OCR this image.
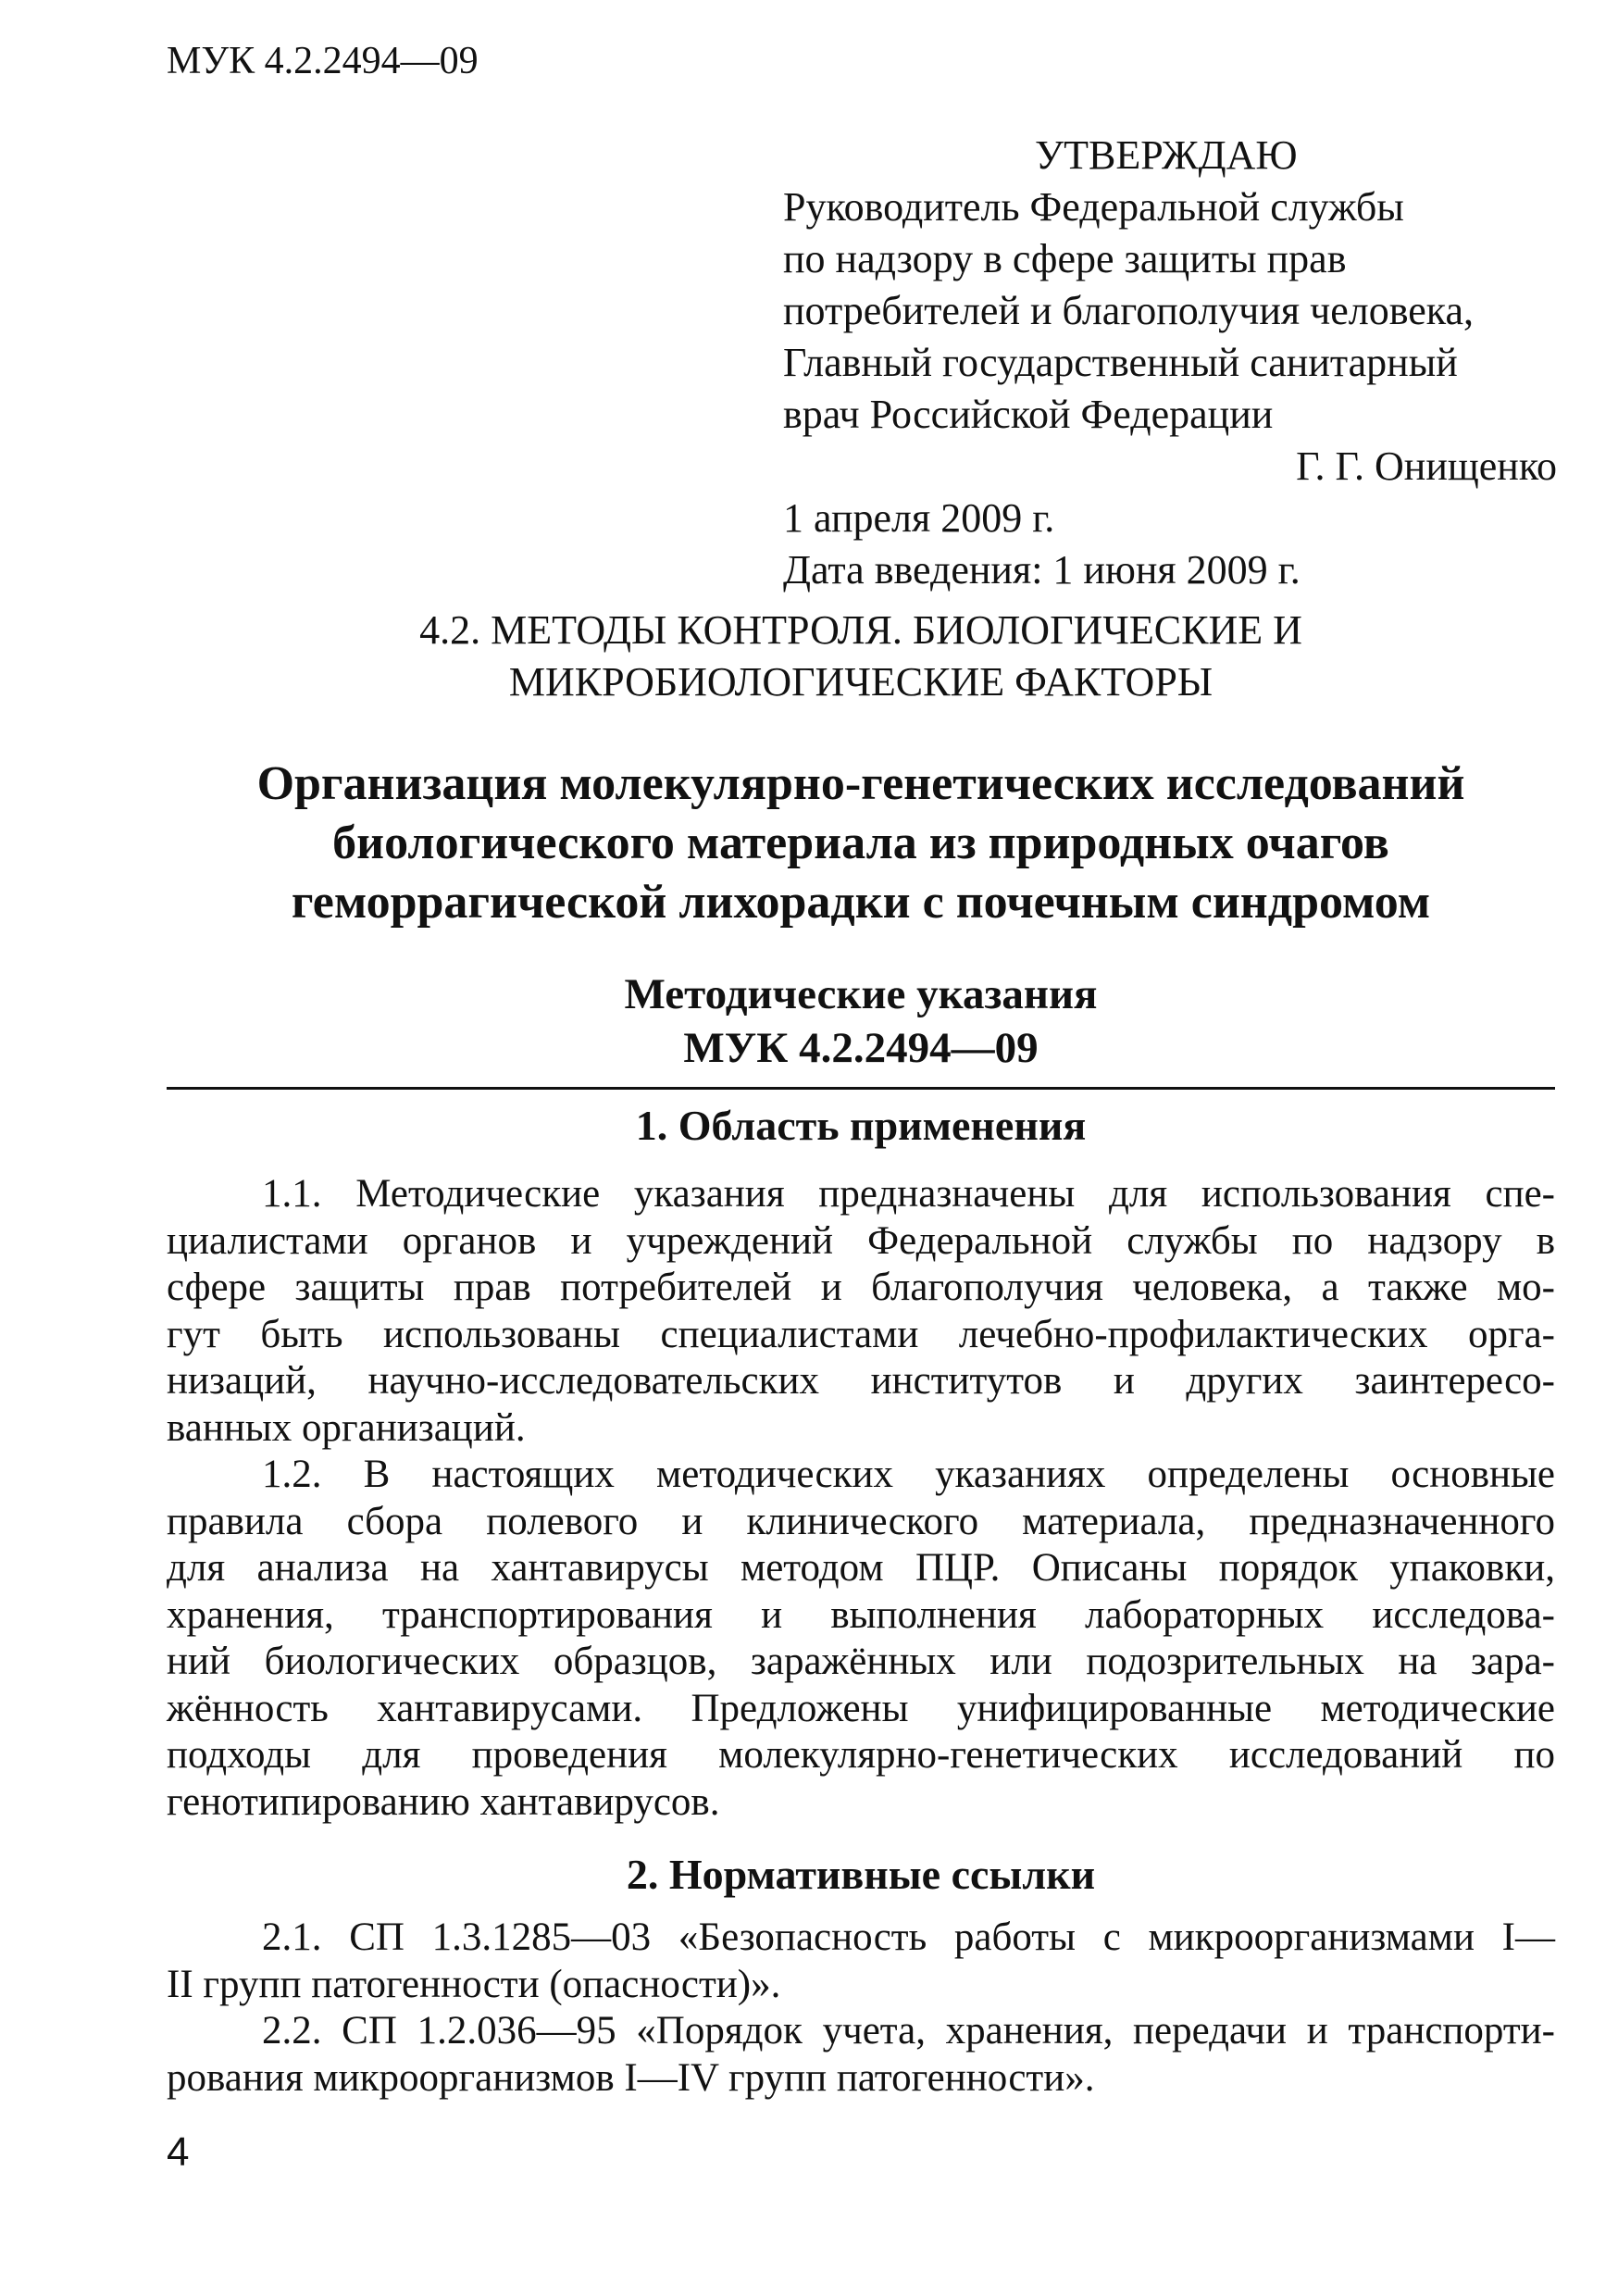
МУК 4.2.2494—09
УТВЕРЖДАЮ
Руководитель Федеральной службы
по надзору в сфере защиты прав
потребителей и благополучия человека,
Главный государственный санитарный
врач Российской Федерации
Г. Г. Онищенко
1 апреля 2009 г.
Дата введения: 1 июня 2009 г.
4.2. МЕТОДЫ КОНТРОЛЯ. БИОЛОГИЧЕСКИЕ И
МИКРОБИОЛОГИЧЕСКИЕ ФАКТОРЫ
Организация молекулярно-генетических исследований
биологического материала из природных очагов
геморрагической лихорадки с почечным синдромом
Методические указания
МУК 4.2.2494—09
1. Область применения
1.1. Методические указания предназначены для использования спе-
циалистами органов и учреждений Федеральной службы по надзору в
сфере защиты прав потребителей и благополучия человека, а также мо-
гут быть использованы специалистами лечебно-профилактических орга-
низаций, научно-исследовательских институтов и других заинтересо-
ванных организаций.
1.2. В настоящих методических указаниях определены основные
правила сбора полевого и клинического материала, предназначенного
для анализа на хантавирусы методом ПЦР. Описаны порядок упаковки,
хранения, транспортирования и выполнения лабораторных исследова-
ний биологических образцов, заражённых или подозрительных на зара-
жённость хантавирусами. Предложены унифицированные методические
подходы для проведения молекулярно-генетических исследований по
генотипированию хантавирусов.
2. Нормативные ссылки
2.1. СП 1.3.1285—03 «Безопасность работы с микроорганизмами I—
II групп патогенности (опасности)».
2.2. СП 1.2.036—95 «Порядок учета, хранения, передачи и транспорти-
рования микроорганизмов I—IV групп патогенности».
4
